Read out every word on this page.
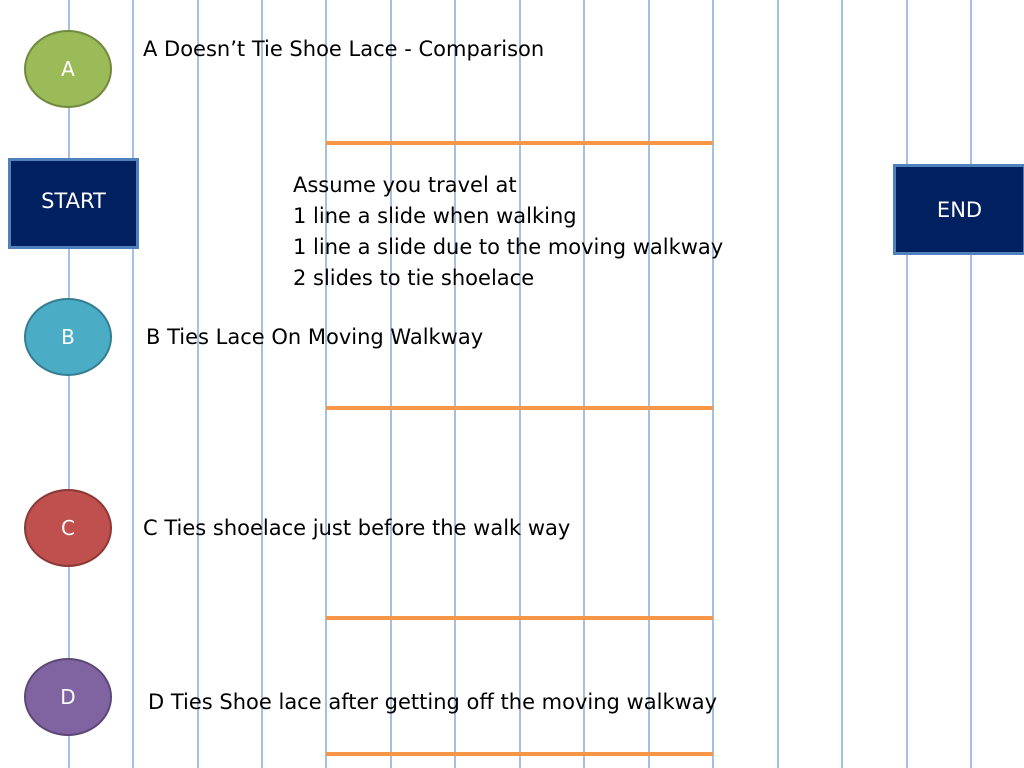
A
B
C
D
START	END
A Doesn’t Tie Shoe Lace - Comparison
B Ties Lace On Moving Walkway
C Ties shoelace just before the walk way
D Ties Shoe lace after getting off the moving walkway
Assume you travel at
1 line a slide when walking
1 line a slide due to the moving walkway
2 slides to tie shoelace
